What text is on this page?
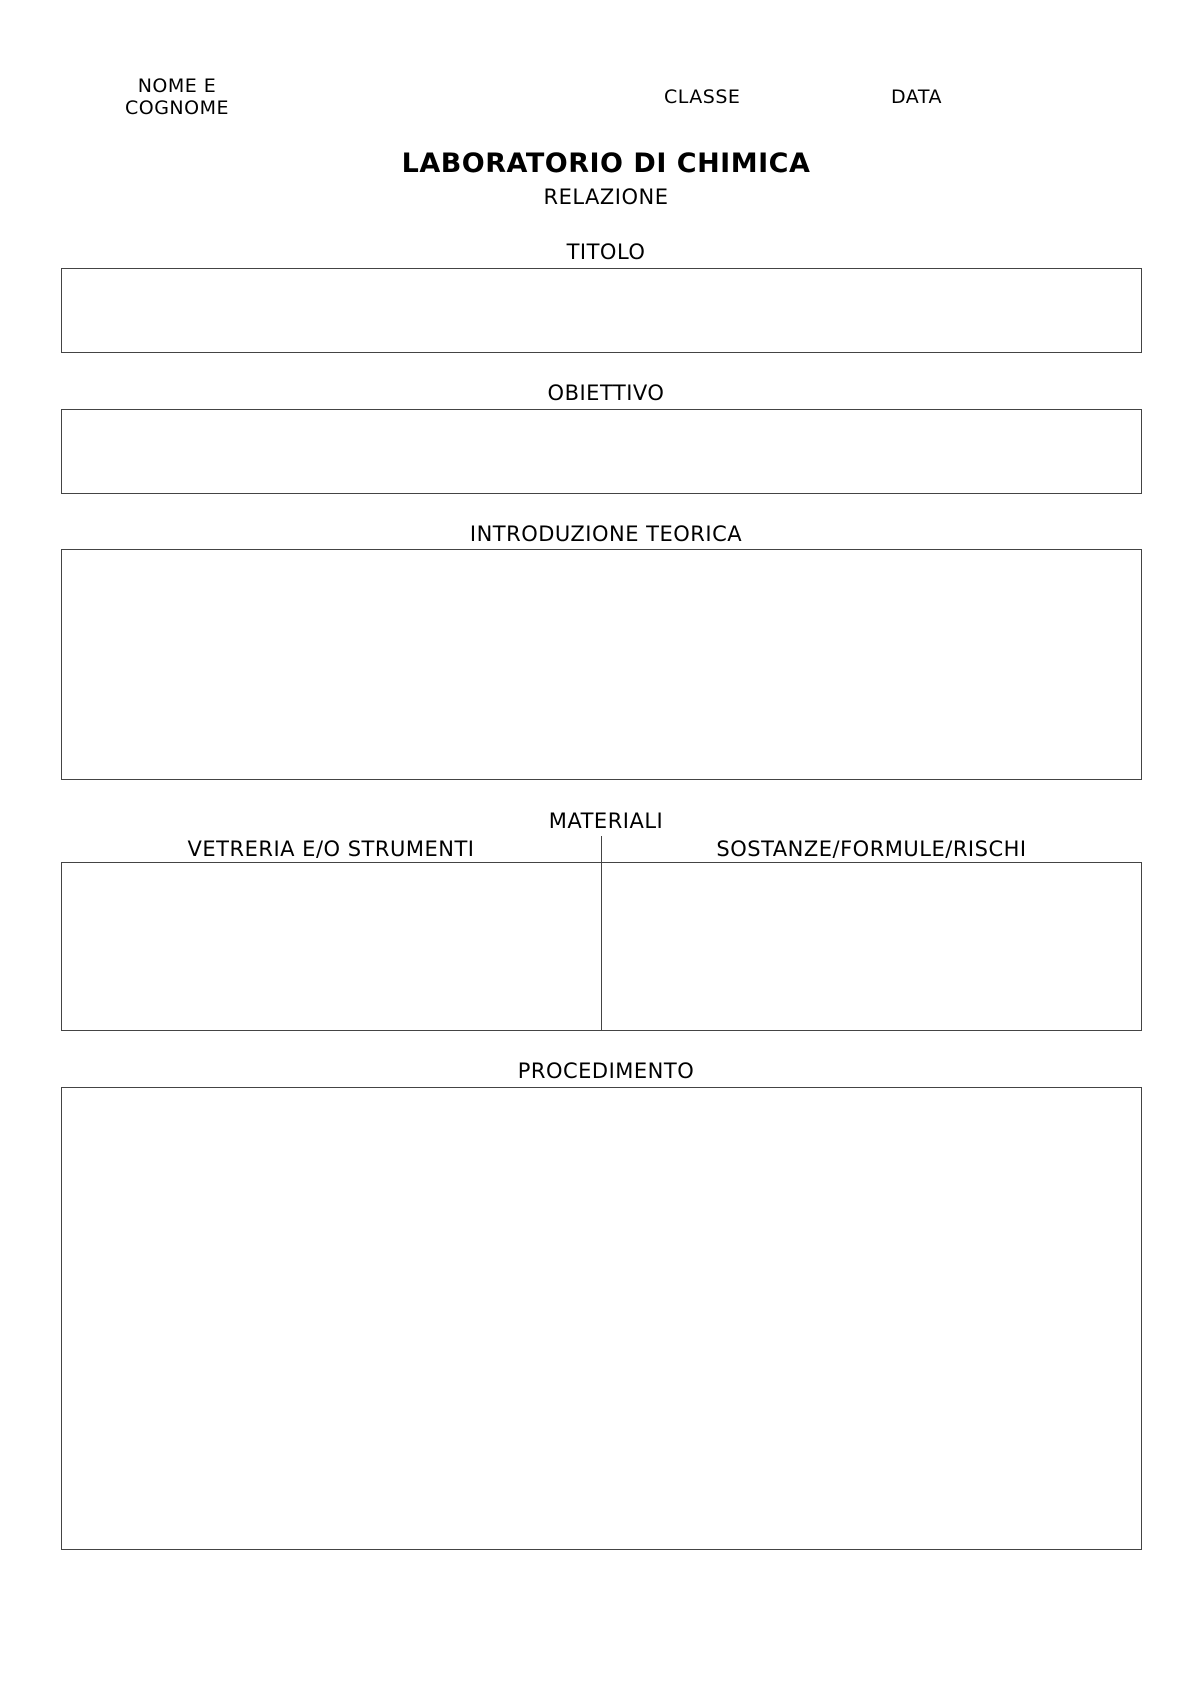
NOME E
COGNOME	CLASSE	DATA
LABORATORIO DI CHIMICA
RELAZIONE
TITOLO
OBIETTIVO
INTRODUZIONE TEORICA
MATERIALI
VETRERIA E/O STRUMENTI	SOSTANZE/FORMULE/RISCHI
PROCEDIMENTO
